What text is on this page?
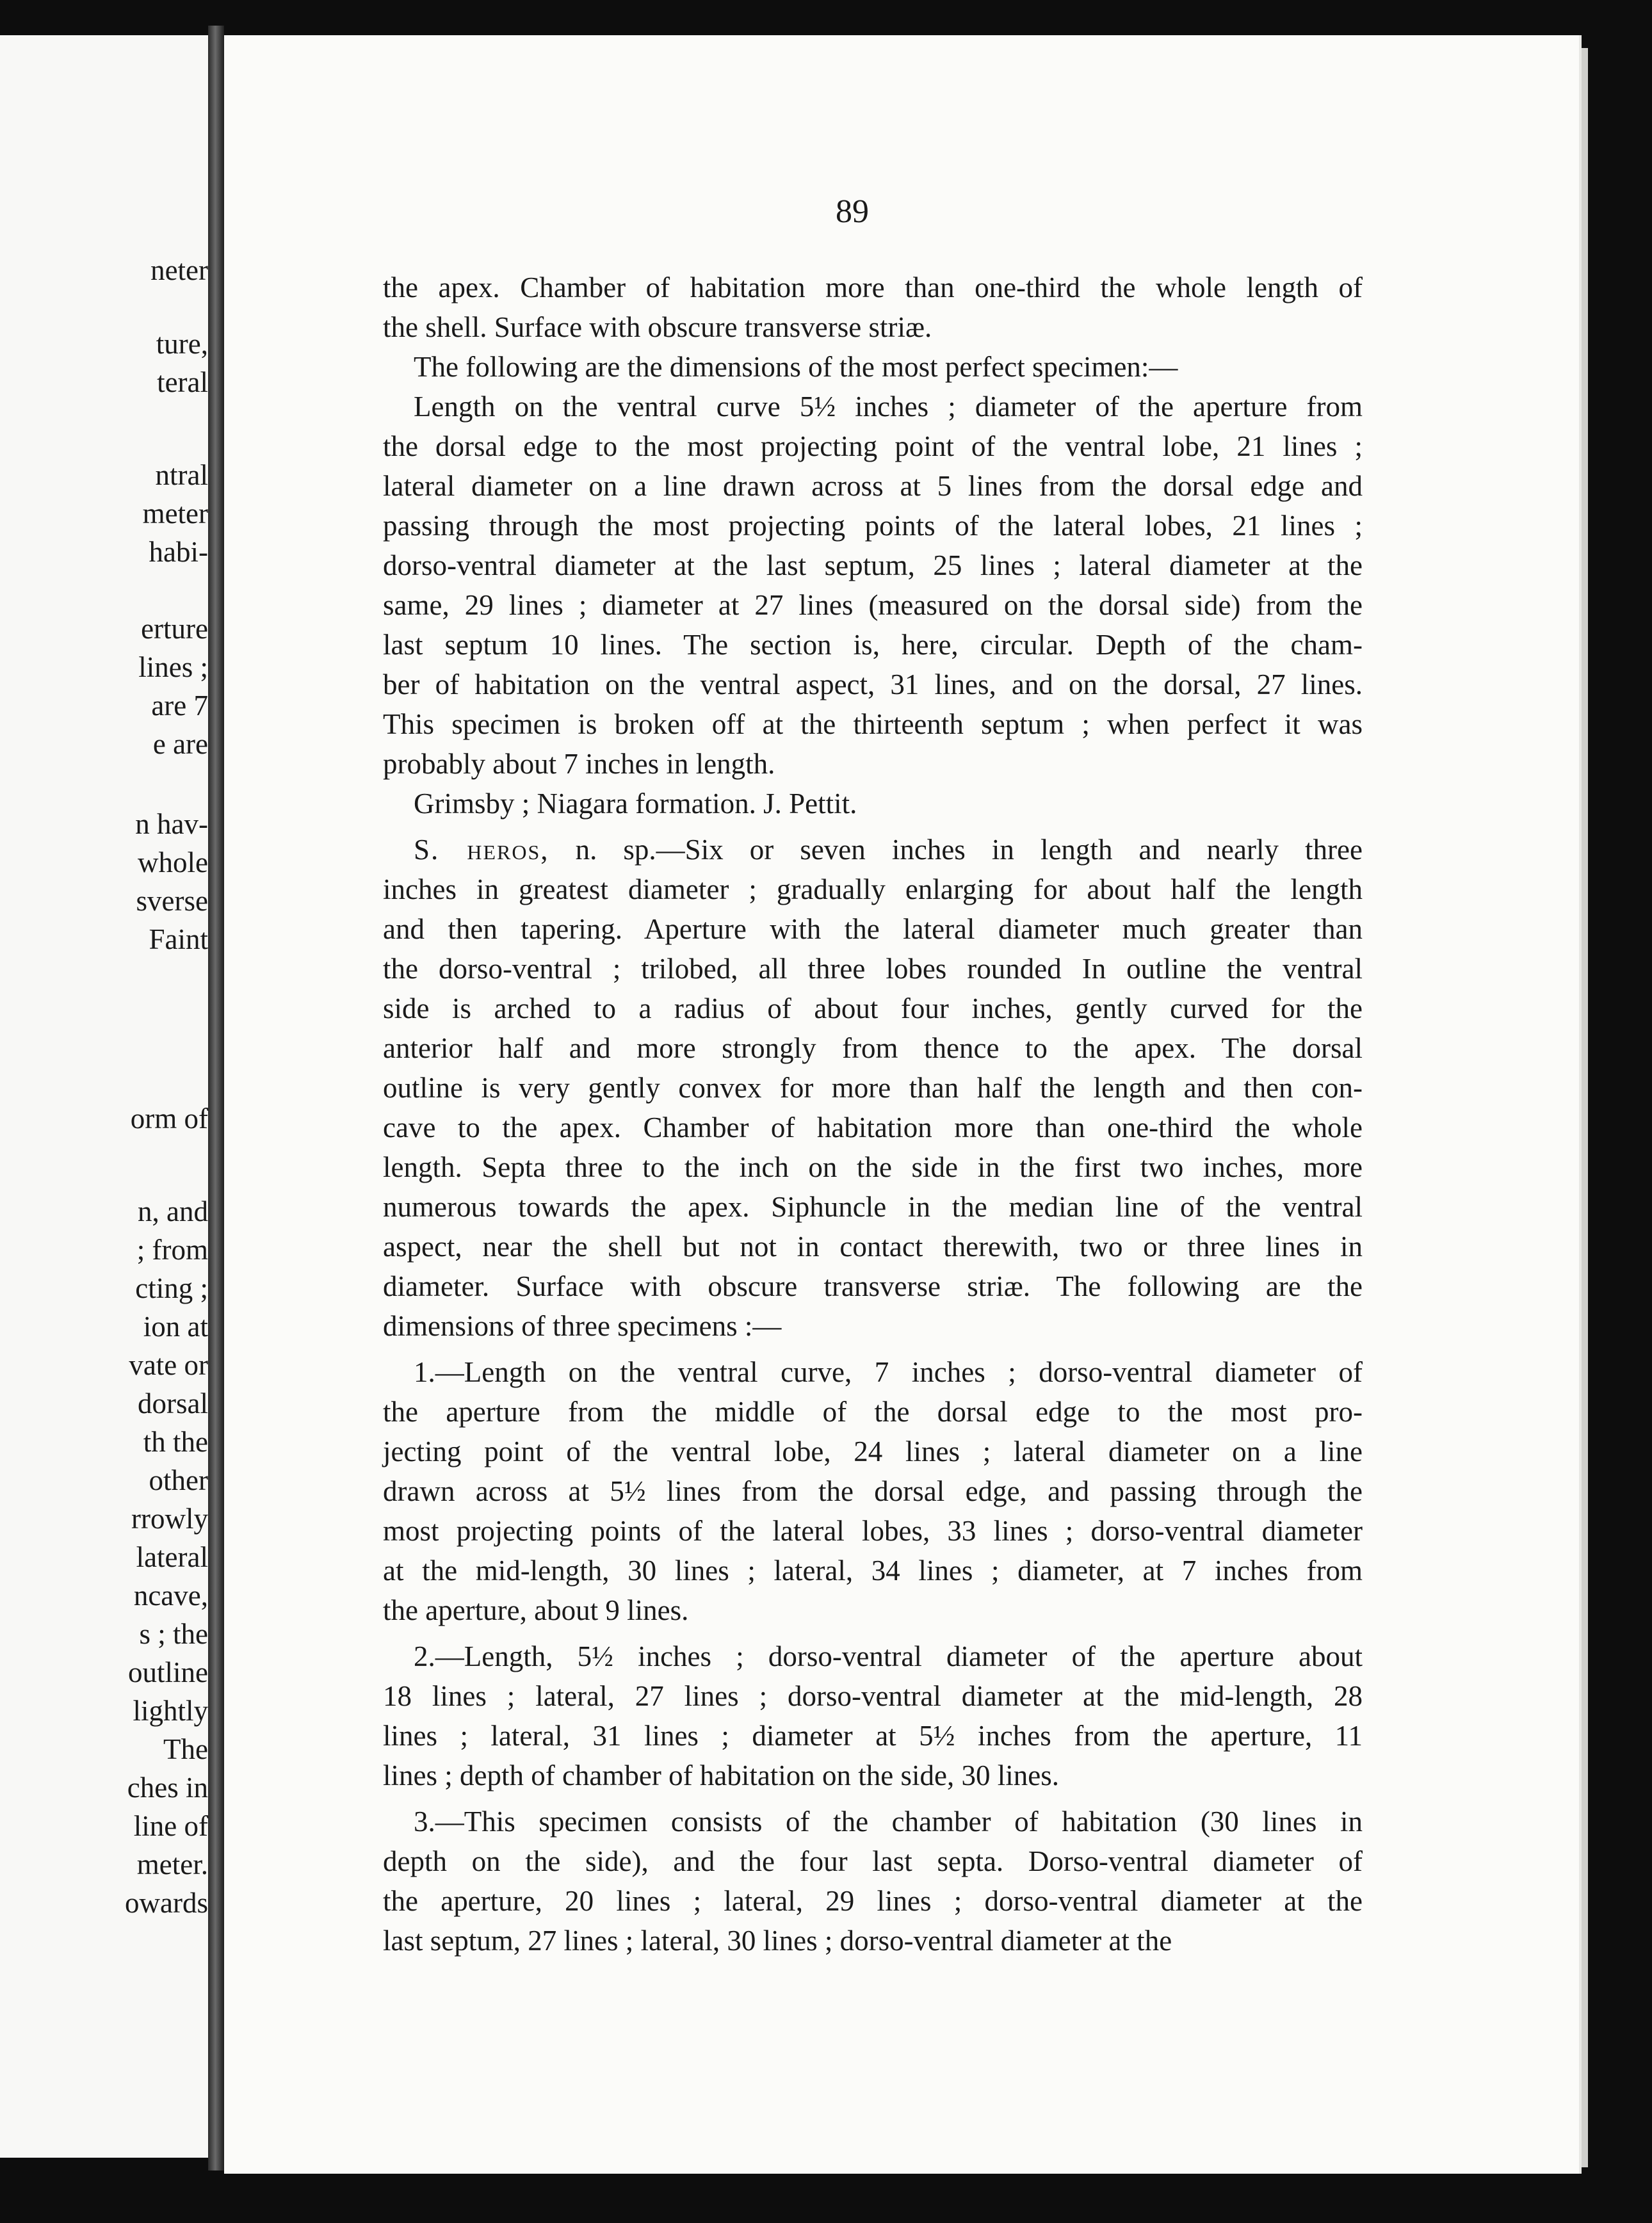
neter
ture,
teral
ntral
meter
habi-
erture
lines ;
are 7
e are
n hav-
whole
sverse
Faint
orm of
n, and
; from
cting ;
ion at
vate or
dorsal
th the
other
rrowly
lateral
ncave,
s ; the
outline
lightly
The
ches in
line of
meter.
owards
89

the apex. Chamber of habitation more than one-third the whole length of

the shell. Surface with obscure transverse striæ.

The following are the dimensions of the most perfect specimen:—

Length on the ventral curve 5½ inches ; diameter of the aperture from

the dorsal edge to the most projecting point of the ventral lobe, 21 lines ;

lateral diameter on a line drawn across at 5 lines from the dorsal edge and

passing through the most projecting points of the lateral lobes, 21 lines ;

dorso-ventral diameter at the last septum, 25 lines ; lateral diameter at the

same, 29 lines ; diameter at 27 lines (measured on the dorsal side) from the

last septum 10 lines. The section is, here, circular. Depth of the cham-

ber of habitation on the ventral aspect, 31 lines, and on the dorsal, 27 lines.

This specimen is broken off at the thirteenth septum ; when perfect it was

probably about 7 inches in length.

Grimsby ; Niagara formation. J. Pettit.

S. heros, n. sp.—Six or seven inches in length and nearly three

inches in greatest diameter ; gradually enlarging for about half the length

and then tapering. Aperture with the lateral diameter much greater than

the dorso-ventral ; trilobed, all three lobes rounded In outline the ventral

side is arched to a radius of about four inches, gently curved for the

anterior half and more strongly from thence to the apex. The dorsal

outline is very gently convex for more than half the length and then con-

cave to the apex. Chamber of habitation more than one-third the whole

length. Septa three to the inch on the side in the first two inches, more

numerous towards the apex. Siphuncle in the median line of the ventral

aspect, near the shell but not in contact therewith, two or three lines in

diameter. Surface with obscure transverse striæ. The following are the

dimensions of three specimens :—

1.—Length on the ventral curve, 7 inches ; dorso-ventral diameter of

the aperture from the middle of the dorsal edge to the most pro-

jecting point of the ventral lobe, 24 lines ; lateral diameter on a line

drawn across at 5½ lines from the dorsal edge, and passing through the

most projecting points of the lateral lobes, 33 lines ; dorso-ventral diameter

at the mid-length, 30 lines ; lateral, 34 lines ; diameter, at 7 inches from

the aperture, about 9 lines.

2.—Length, 5½ inches ; dorso-ventral diameter of the aperture about

18 lines ; lateral, 27 lines ; dorso-ventral diameter at the mid-length, 28

lines ; lateral, 31 lines ; diameter at 5½ inches from the aperture, 11

lines ; depth of chamber of habitation on the side, 30 lines.

3.—This specimen consists of the chamber of habitation (30 lines in

depth on the side), and the four last septa. Dorso-ventral diameter of

the aperture, 20 lines ; lateral, 29 lines ; dorso-ventral diameter at the

last septum, 27 lines ; lateral, 30 lines ; dorso-ventral diameter at the
